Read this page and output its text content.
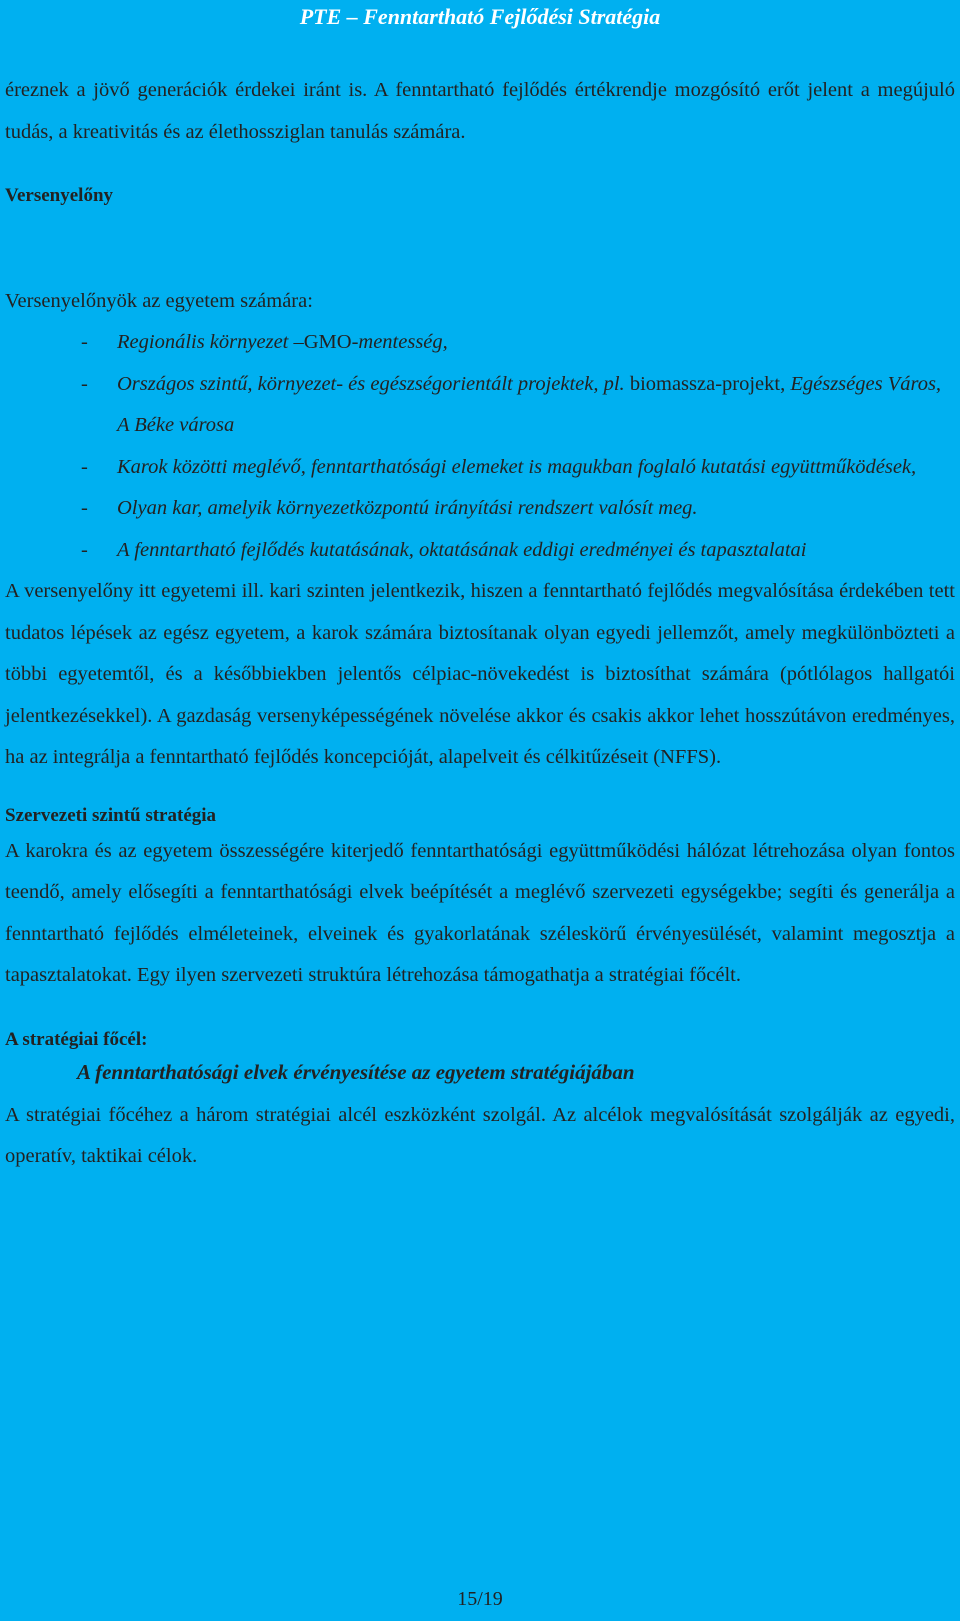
PTE – Fenntartható Fejlődési Stratégia

éreznek a jövő generációk érdekei iránt is. A fenntartható fejlődés értékrendje mozgósító erőt jelent a megújuló tudás, a kreativitás és az élethossziglan tanulás számára.

Versenyelőny

Versenyelőnyök az egyetem számára:

- Regionális környezet –GMO-mentesség,
- Országos szintű, környezet- és egészségorientált projektek, pl. biomassza-projekt, Egészséges Város, A Béke városa
- Karok közötti meglévő, fenntarthatósági elemeket is magukban foglaló kutatási együttműködések,
- Olyan kar, amelyik környezetközpontú irányítási rendszert valósít meg.
- A fenntartható fejlődés kutatásának, oktatásának eddigi eredményei és tapasztalatai

A versenyelőny itt egyetemi ill. kari szinten jelentkezik, hiszen a fenntartható fejlődés megvalósítása érdekében tett tudatos lépések az egész egyetem, a karok számára biztosítanak olyan egyedi jellemzőt, amely megkülönbözteti a többi egyetemtől, és a későbbiekben jelentős célpiac-növekedést is biztosíthat számára (pótlólagos hallgatói jelentkezésekkel). A gazdaság versenyképességének növelése akkor és csakis akkor lehet hosszútávon eredményes, ha az integrálja a fenntartható fejlődés koncepcióját, alapelveit és célkitűzéseit (NFFS).

Szervezeti szintű stratégia

A karokra és az egyetem összességére kiterjedő fenntarthatósági együttműködési hálózat létrehozása olyan fontos teendő, amely elősegíti a fenntarthatósági elvek beépítését a meglévő szervezeti egységekbe; segíti és generálja a fenntartható fejlődés elméleteinek, elveinek és gyakorlatának széleskörű érvényesülését, valamint megosztja a tapasztalatokat. Egy ilyen szervezeti struktúra létrehozása támogathatja a stratégiai főcélt.

A stratégiai főcél:

A fenntarthatósági elvek érvényesítése az egyetem stratégiájában

A stratégiai főcéhez a három stratégiai alcél eszközként szolgál. Az alcélok megvalósítását szolgálják az egyedi, operatív, taktikai célok.

15/19
